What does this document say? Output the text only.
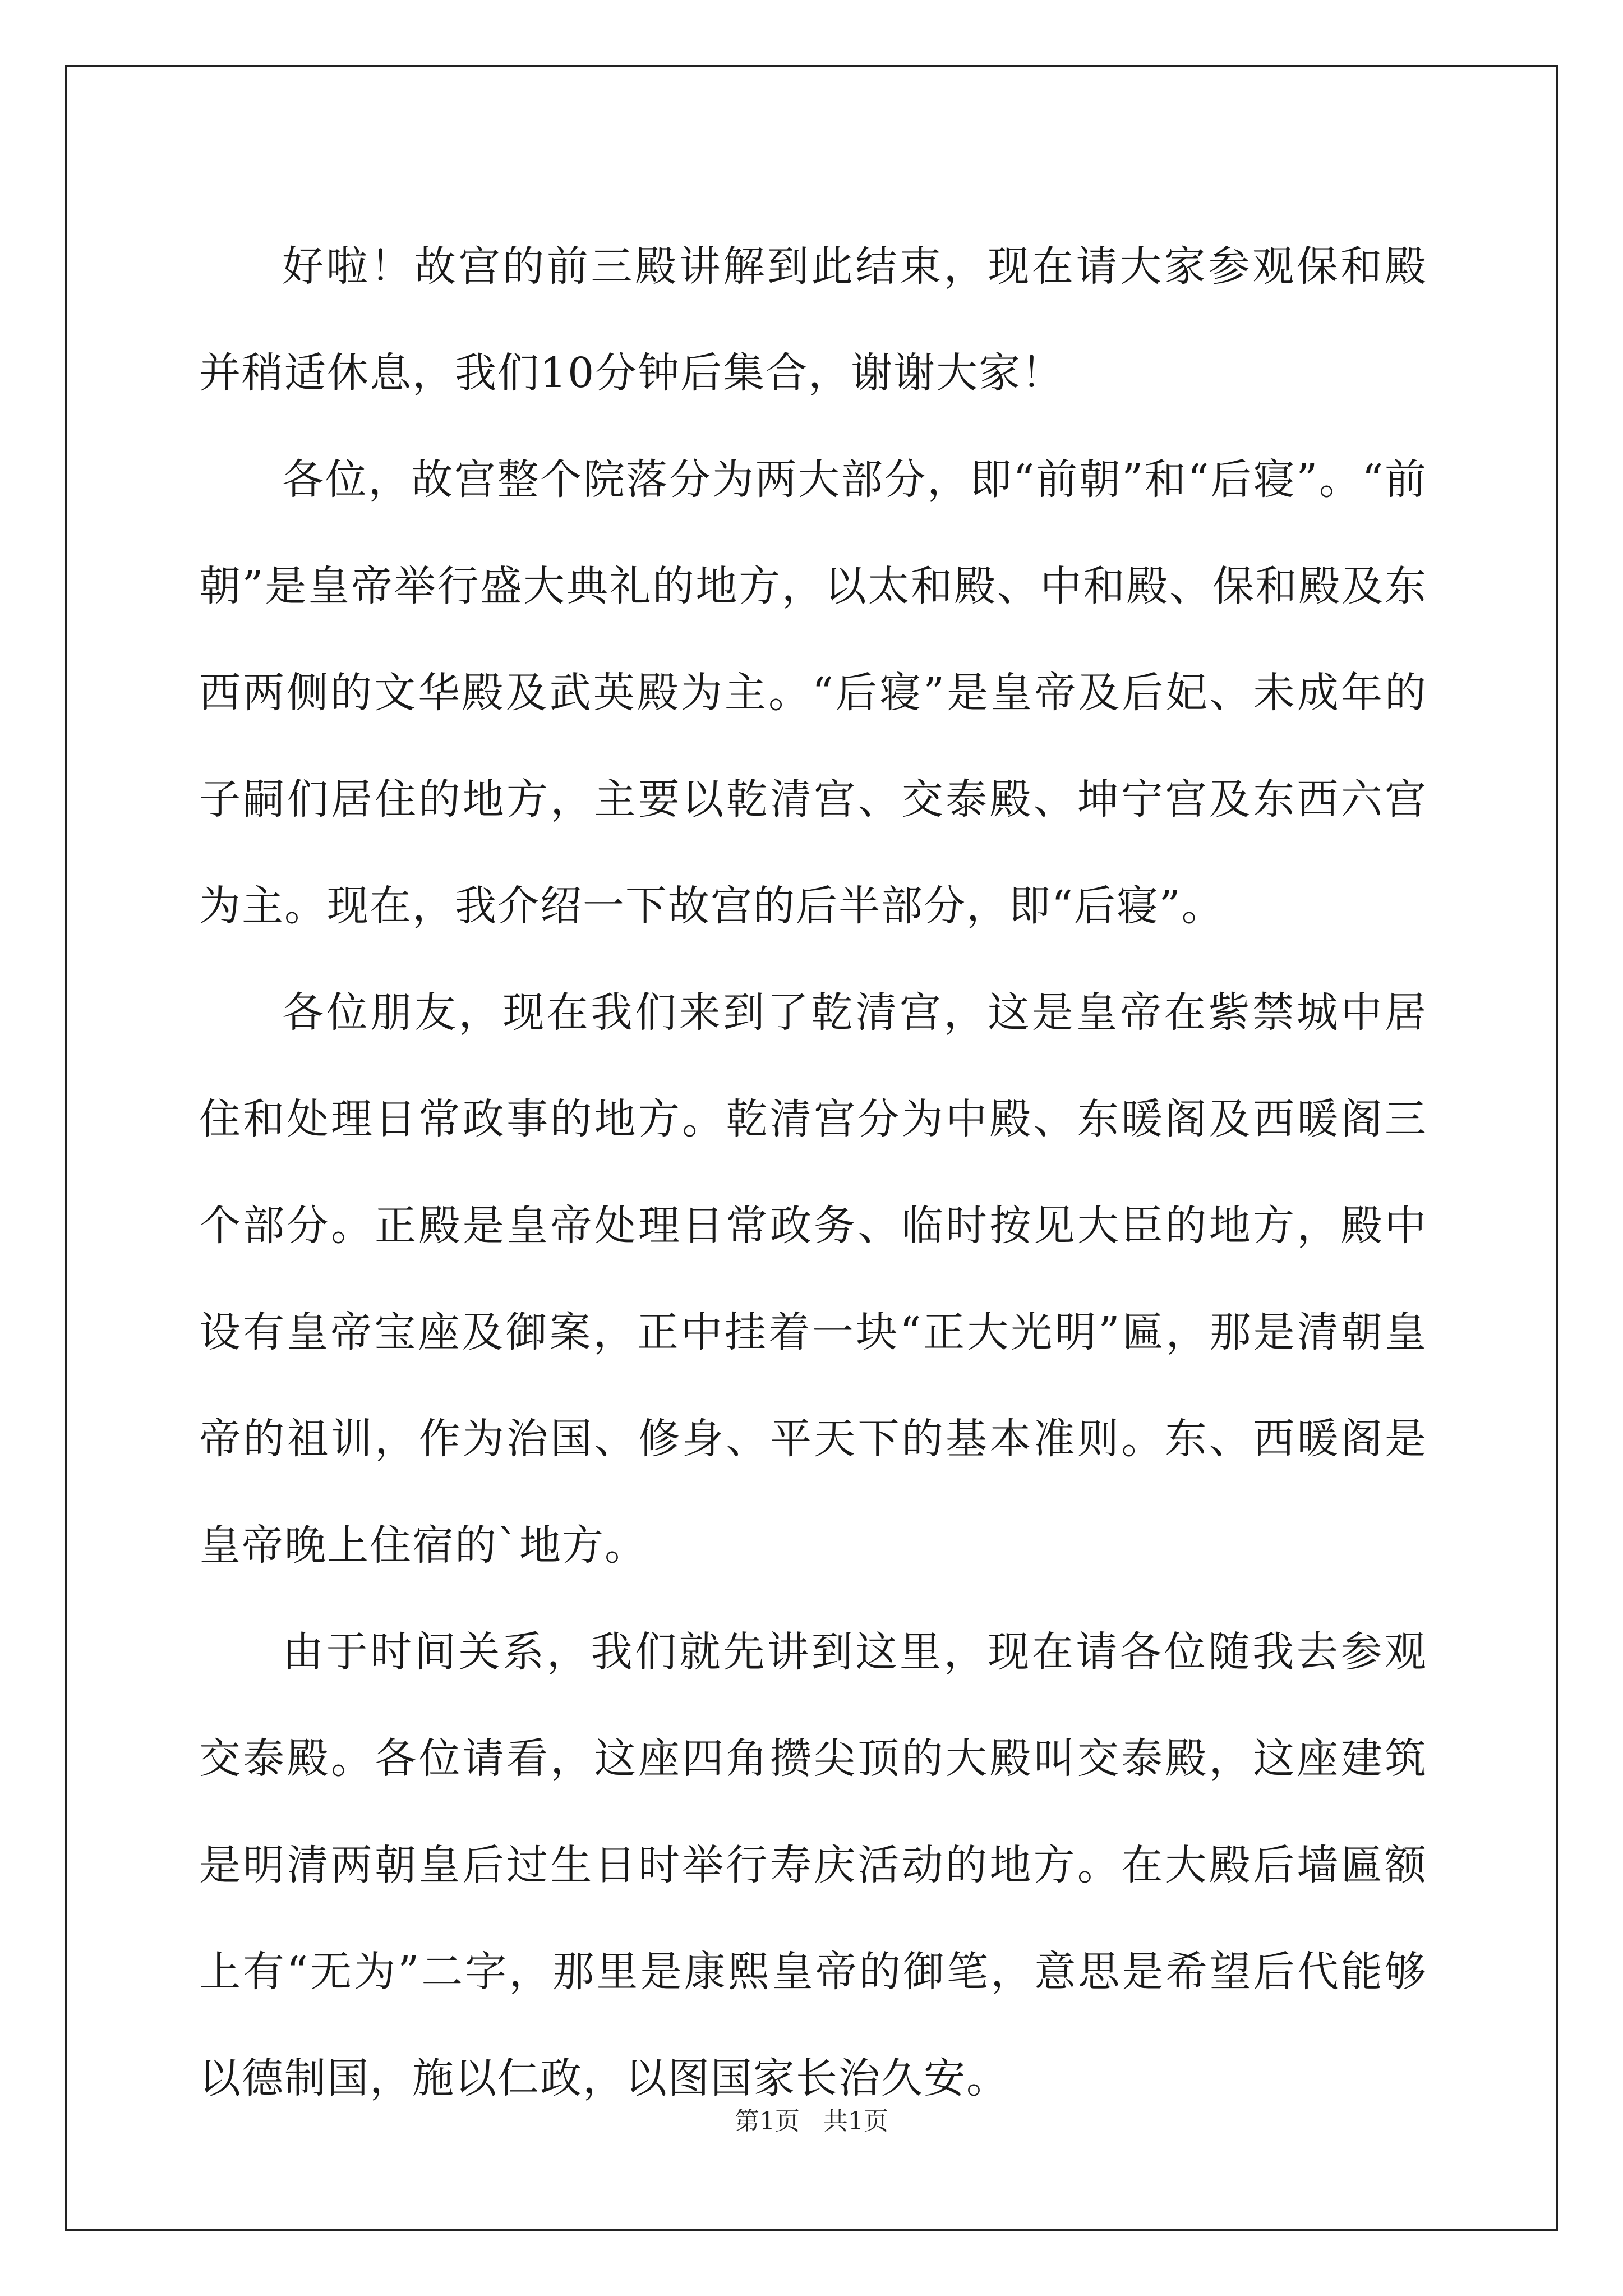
好啦！故宫的前三殿讲解到此结束，现在请大家参观保和殿并稍适休息，我们10分钟后集合，谢谢大家！

各位，故宫整个院落分为两大部分，即“前朝”和“后寝”。“前朝”是皇帝举行盛大典礼的地方，以太和殿、中和殿、保和殿及东西两侧的文华殿及武英殿为主。“后寝”是皇帝及后妃、未成年的子嗣们居住的地方，主要以乾清宫、交泰殿、坤宁宫及东西六宫为主。现在，我介绍一下故宫的后半部分，即“后寝”。

各位朋友，现在我们来到了乾清宫，这是皇帝在紫禁城中居住和处理日常政事的地方。乾清宫分为中殿、东暖阁及西暖阁三个部分。正殿是皇帝处理日常政务、临时按见大臣的地方，殿中设有皇帝宝座及御案，正中挂着一块“正大光明”匾，那是清朝皇帝的祖训，作为治国、修身、平天下的基本准则。东、西暖阁是皇帝晚上住宿的`地方。

由于时间关系，我们就先讲到这里，现在请各位随我去参观交泰殿。各位请看，这座四角攒尖顶的大殿叫交泰殿，这座建筑是明清两朝皇后过生日时举行寿庆活动的地方。在大殿后墙匾额上有“无为”二字，那里是康熙皇帝的御笔，意思是希望后代能够以德制国，施以仁政，以图国家长治久安。

第1页 共1页
